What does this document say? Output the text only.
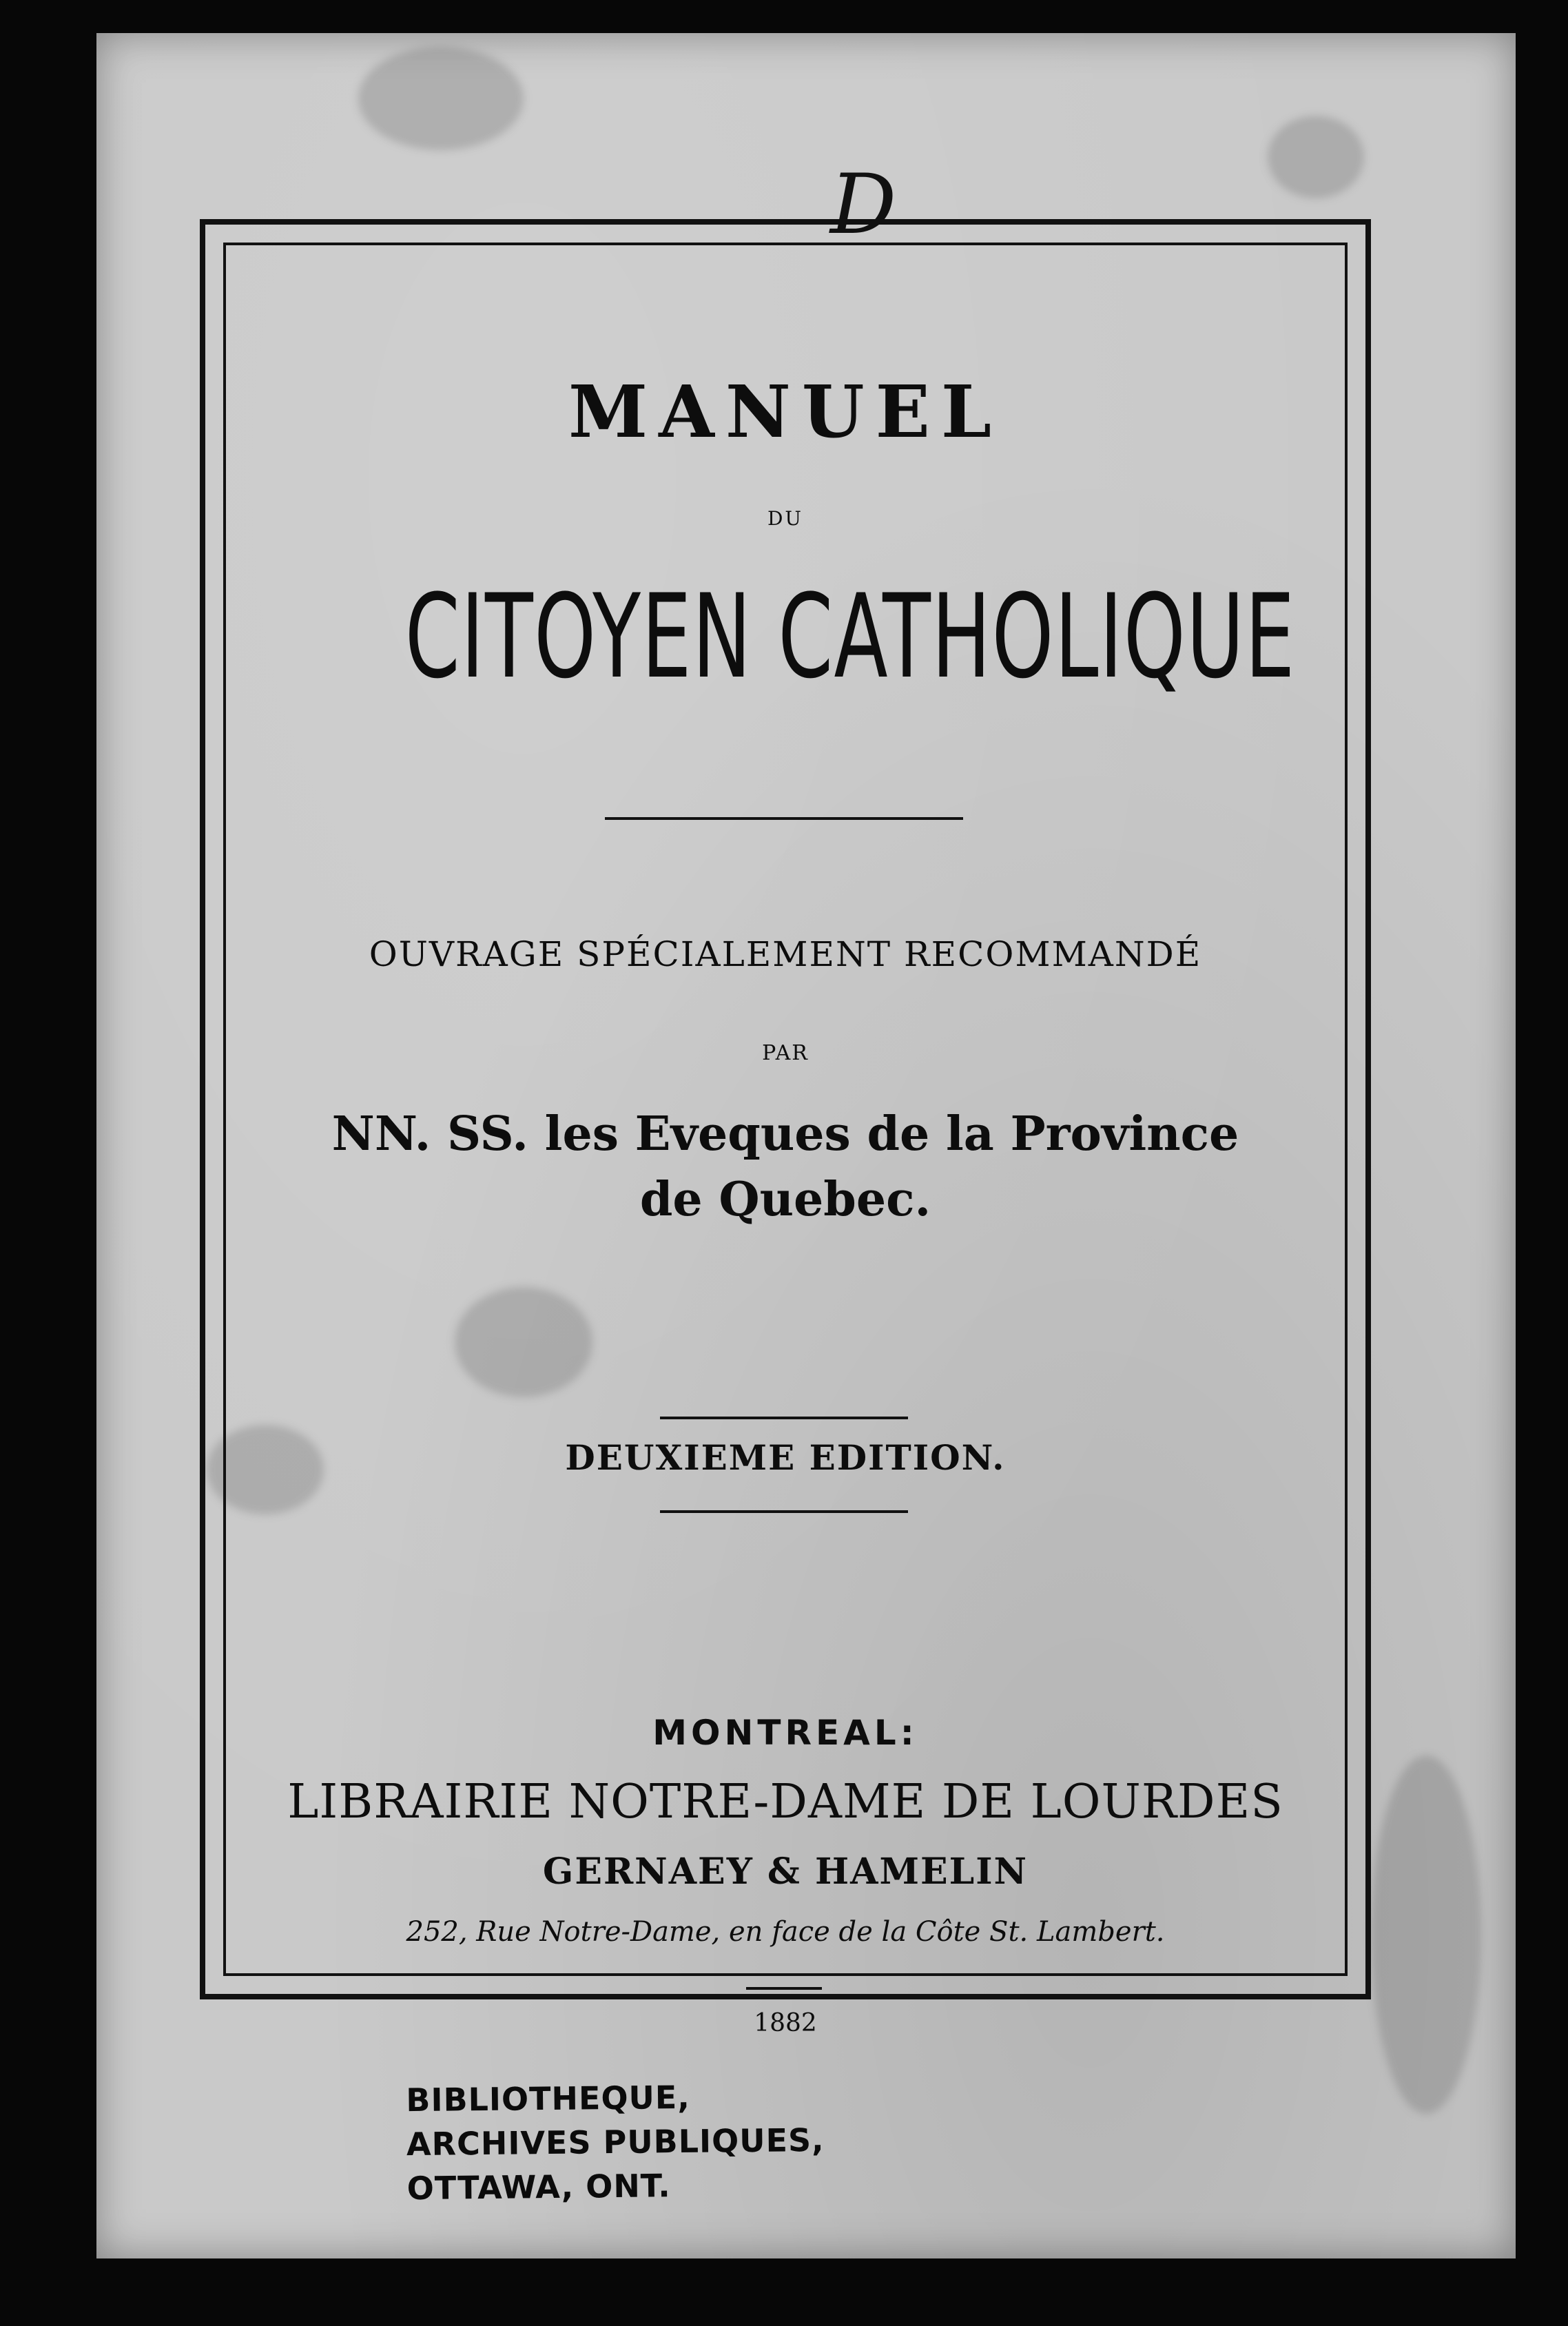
D
MANUEL
DU
CITOYEN CATHOLIQUE
OUVRAGE SPÉCIALEMENT RECOMMANDÉ
PAR
NN. SS. les Eveques de la Province
de Quebec.
DEUXIEME EDITION.
MONTREAL:
LIBRAIRIE NOTRE-DAME DE LOURDES
GERNAEY & HAMELIN
252, Rue Notre-Dame, en face de la Côte St. Lambert.
1882
BIBLIOTHEQUE,
ARCHIVES PUBLIQUES,
OTTAWA, ONT.
